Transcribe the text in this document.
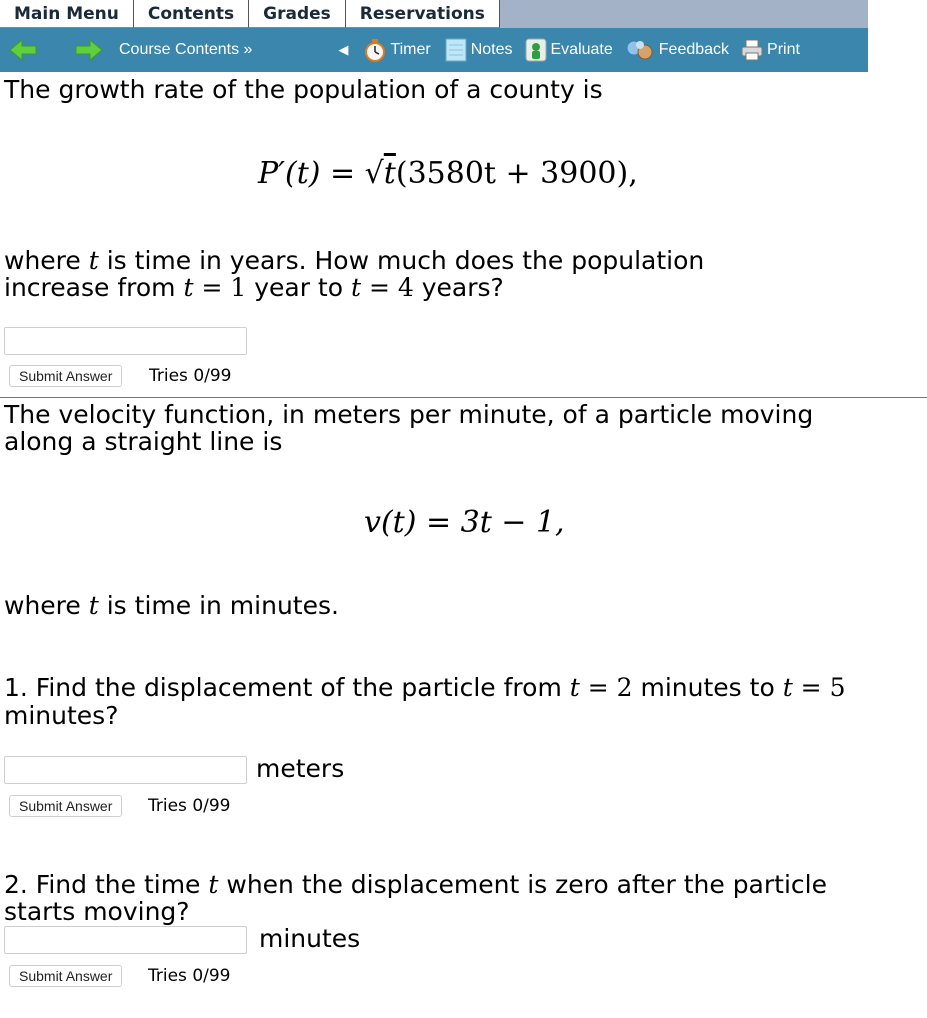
Main Menu	Contents	Grades	Reservations
Course Contents »	◀	Timer	Notes Evaluate	Feedback Print
The growth rate of the population of a county is
P′(t) = √t(3580t + 3900),
where t is time in years. How much does the population
increase from t = 1 year to t = 4 years?
Submit Answer	Tries 0/99
The velocity function, in meters per minute, of a particle moving
along a straight line is
v(t) = 3t − 1,
where t is time in minutes.
1. Find the displacement of the particle from t = 2 minutes to t = 5
minutes?
meters
Submit Answer	Tries 0/99
2. Find the time t when the displacement is zero after the particle
starts moving?
minutes
Submit Answer	Tries 0/99
